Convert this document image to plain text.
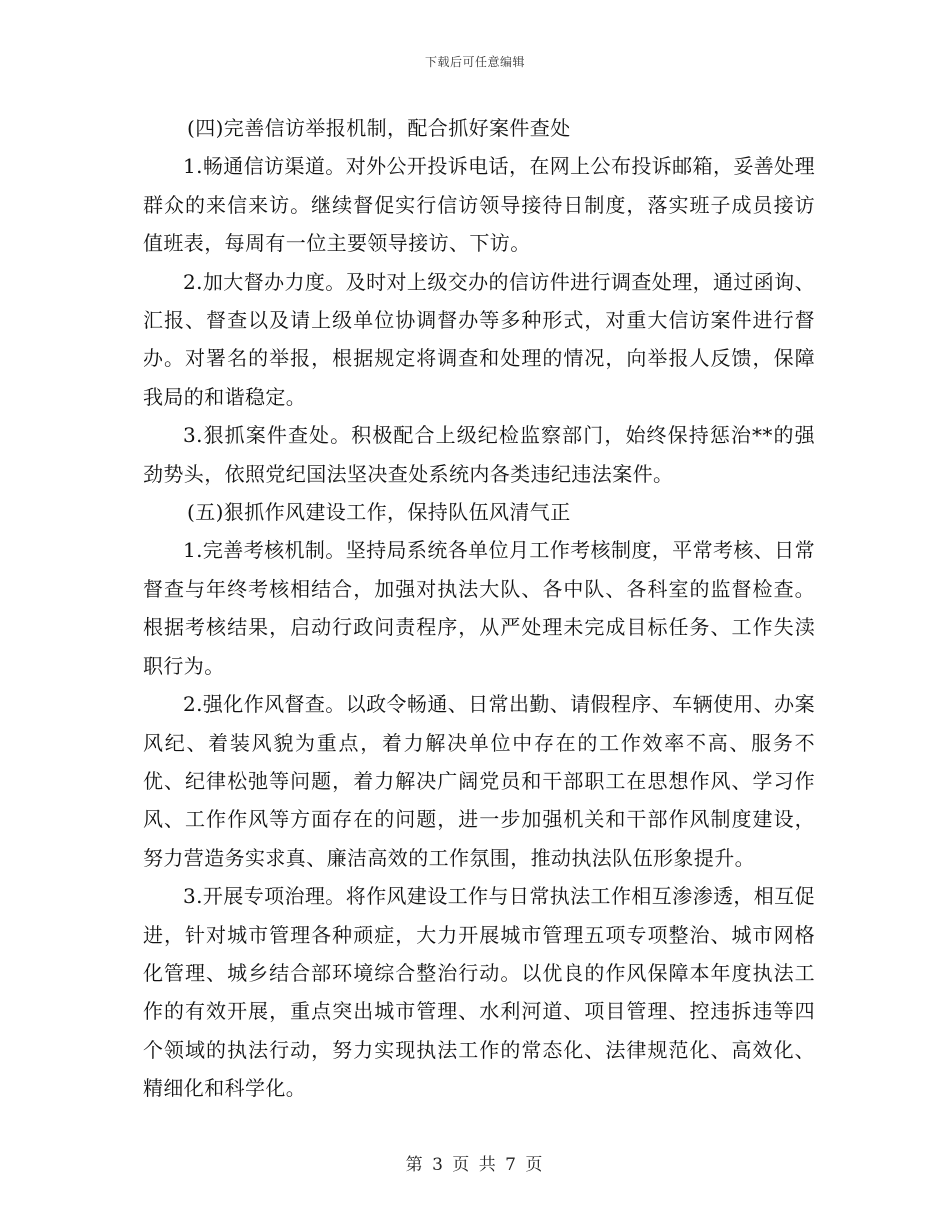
下载后可任意编辑

(四)完善信访举报机制，配合抓好案件查处

1.畅通信访渠道。对外公开投诉电话，在网上公布投诉邮箱，妥善处理群众的来信来访。继续督促实行信访领导接待日制度，落实班子成员接访值班表，每周有一位主要领导接访、下访。

2.加大督办力度。及时对上级交办的信访件进行调查处理，通过函询、汇报、督查以及请上级单位协调督办等多种形式，对重大信访案件进行督办。对署名的举报，根据规定将调查和处理的情况，向举报人反馈，保障我局的和谐稳定。

3.狠抓案件查处。积极配合上级纪检监察部门，始终保持惩治**的强劲势头，依照党纪国法坚决查处系统内各类违纪违法案件。

(五)狠抓作风建设工作，保持队伍风清气正

1.完善考核机制。坚持局系统各单位月工作考核制度，平常考核、日常督查与年终考核相结合，加强对执法大队、各中队、各科室的监督检查。根据考核结果，启动行政问责程序，从严处理未完成目标任务、工作失渎职行为。

2.强化作风督查。以政令畅通、日常出勤、请假程序、车辆使用、办案风纪、着装风貌为重点，着力解决单位中存在的工作效率不高、服务不优、纪律松弛等问题，着力解决广阔党员和干部职工在思想作风、学习作风、工作作风等方面存在的问题，进一步加强机关和干部作风制度建设，努力营造务实求真、廉洁高效的工作氛围，推动执法队伍形象提升。

3.开展专项治理。将作风建设工作与日常执法工作相互渗渗透，相互促进，针对城市管理各种顽症，大力开展城市管理五项专项整治、城市网格化管理、城乡结合部环境综合整治行动。以优良的作风保障本年度执法工作的有效开展，重点突出城市管理、水利河道、项目管理、控违拆违等四个领域的执法行动，努力实现执法工作的常态化、法律规范化、高效化、精细化和科学化。

第 3 页 共 7 页
